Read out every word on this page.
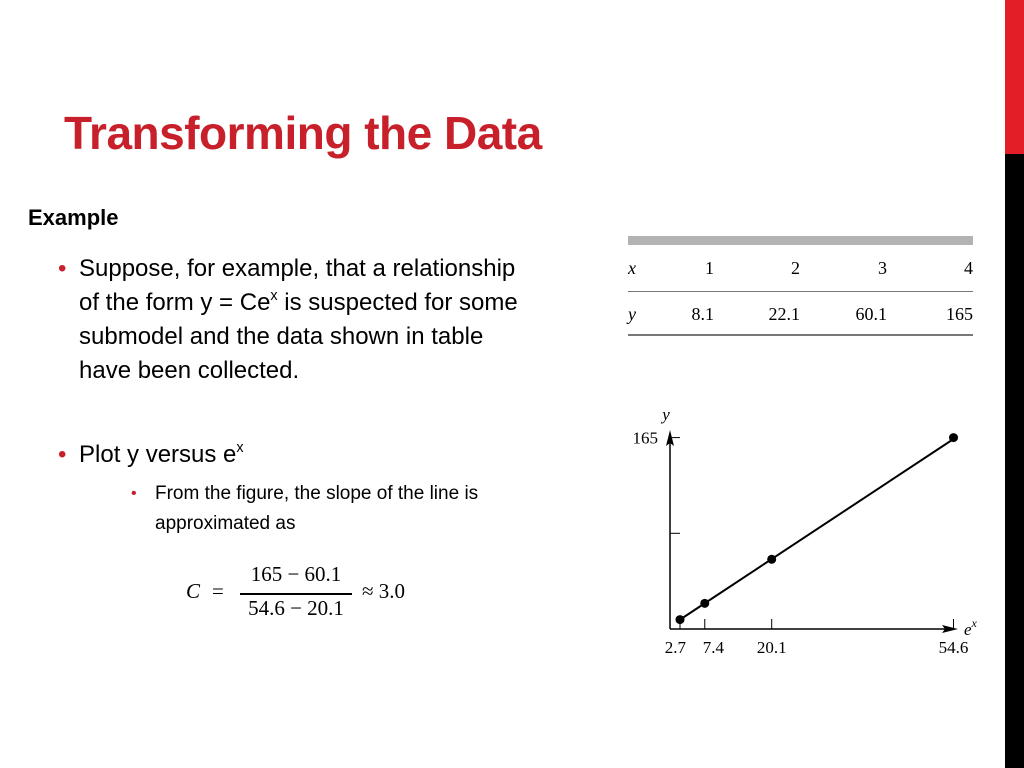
Transforming the Data
Example
• Suppose, for example, that a relationship
of the form $y = Ce^x$ is suspected for some
submodel and the data shown in table
have been collected.
• Plot y versus $e^x$
• From the figure, the slope of the line is
approximated as
C =
165 − 60.1
54.6 − 20.1
≈ 3.0
x	1	2	3	4
y	8.1	22.1	60.1	165
165
2.7 7.4 20.1	54.6
y
$e^x$
